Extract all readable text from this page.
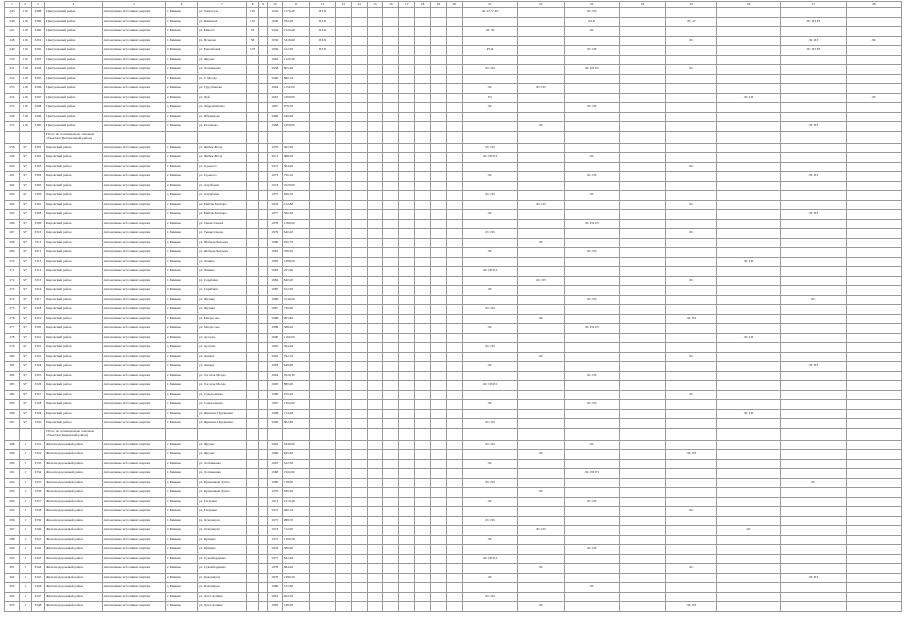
1	2	3	4	5	6	7	8	9	10	11	12	13	14	15	16	17	18	19	20	21	22	23	24	25	26	27	28
245	116	3288	Центральный район	Автономные источники энергии	г. Бишкек	ул. Токтогула	101		1945	1179,40	ПЗ-Б									ЛС 47,5; 4Л		ЛС ПЗ					
246	116	3289	Центральный район	Автономные источники энергии	г. Бишкек	ул. Киевская	155		1946	782,20	ПЗ-Б											РЗ-Б		ЛС 47		ЛС ПЗ РЗ	
247	116	3290	Центральный район	Автономные источники энергии	г. Бишкек	ул. Манаса	33		1944	2120,40	ПЗ-Б									ЛС 39		ЛС					
248	116	3291	Центральный район	Автономные источники энергии	г. Бишкек	ул. Исанова	58		1950	3418,60	ПЗ-Б													ЛС		ЛС ПЗ	ЛС
249	116	3292	Центральный район	Автономные источники энергии	г. Бишкек	ул. Боконбаева	103		1956	412,30	ПЗ-Б									РЗ-Б		ЛС ПЗ				ЛС ПЗ РЗ	
250	116	3293	Центральный район	Автономные источники энергии	г. Бишкек	ул. Фрунзе			1962	1120,40																	
251	116	3294	Центральный район	Автономные источники энергии	г. Бишкек	ул. Логвиненко			1958	605,40										ЛС ПЗ		ЛС ПЗ РЗ		ЛС			
252	116	3295	Центральный район	Автономные источники энергии	г. Бишкек	ул. Т. Молдо			1960	890,10																	
253	116	3296	Центральный район	Автономные источники энергии	г. Бишкек	ул. Турусбекова			1964	1152,00										ЛС	ЛС ПЗ						
254	116	3297	Центральный район	Автономные источники энергии	г. Бишкек	ул. Чуй			1961	1300,00										РЗ					ЛС ПЗ		ЛС
255	116	3298	Центральный район	Автономные источники энергии	г. Бишкек	ул. Абдрахманова			1967	978,30										ЛС		ЛС ПЗ					
256	116	3299	Центральный район	Автономные источники энергии	г. Бишкек	ул. Ибраимова			1966	440,60																	
257	116	3300	Центральный район	Автономные источники энергии	г. Бишкек	ул. Раззакова			1968	1200,00											ЛС					ЛС ПЗ	
			Итого по потенциально опасным объектам (Центральный район)																								
258	97	3301	Кировский район	Автономные источники энергии	г. Бишкек	ул. Жибек Жолу			1970	502,40										ЛС ПЗ							
259	97	3302	Кировский район	Автономные источники энергии	г. Бишкек	ул. Жибек Жолу			1971	688,20										ЛС ПЗ РЗ		ЛС					
260	97	3303	Кировский район	Автономные источники энергии	г. Бишкек	ул. Горького			1972	304,90														ЛС			
261	97	3304	Кировский район	Автономные источники энергии	г. Бишкек	ул. Горького			1973	750,10										ЛС		ЛС ПЗ				ЛС ПЗ	
262	97	3305	Кировский район	Автономные источники энергии	г. Бишкек	ул. Ахунбаева			1974	1020,00																	
263	97	3306	Кировский район	Автономные источники энергии	г. Бишкек	ул. Ахунбаева			1975	836,50										ЛС ПЗ		ЛС					
264	97	3307	Кировский район	Автономные источники энергии	г. Бишкек	ул. Байтик Баатыра			1976	412,80											ЛС ПЗ			ЛС			
265	97	3308	Кировский район	Автономные источники энергии	г. Бишкек	ул. Байтик Баатыра			1977	590,30										ЛС						ЛС ПЗ	
266	97	3309	Кировский район	Автономные источники энергии	г. Бишкек	ул. Тыныстанова			1978	1180,00												ЛС ПЗ РЗ					
267	97	3310	Кировский район	Автономные источники энергии	г. Бишкек	ул. Тыныстанова			1979	640,40										ЛС ПЗ				ЛС			
268	97	3311	Кировский район	Автономные источники энергии	г. Бишкек	ул. Шабдан Баатыра			1980	920,70											ЛС						
269	97	3312	Кировский район	Автономные источники энергии	г. Бишкек	ул. Шабдан Баатыра			1981	708,20										ЛС		ЛС ПЗ					
270	97	3313	Кировский район	Автономные источники энергии	г. Бишкек	ул. Ленина			1982	1380,00															ЛС ПЗ		
271	97	3314	Кировский район	Автономные источники энергии	г. Бишкек	ул. Ленина			1983	455,90										ЛС ПЗ РЗ							
272	97	3315	Кировский район	Автономные источники энергии	г. Бишкек	ул. Скрябина			1984	820,00											ЛС ПЗ			ЛС			
273	97	3316	Кировский район	Автономные источники энергии	г. Бишкек	ул. Скрябина			1985	612,30										ЛС							
274	97	3317	Кировский район	Автономные источники энергии	г. Бишкек	ул. Фучика			1986	1240,60												ЛС ПЗ				ЛС	
275	97	3318	Кировский район	Автономные источники энергии	г. Бишкек	ул. Фучика			1987	730,00										ЛС ПЗ							
276	97	3319	Кировский район	Автономные источники энергии	г. Бишкек	ул. Матросова			1988	905,80											ЛС			ЛС ПЗ			
277	97	3320	Кировский район	Автономные источники энергии	г. Бишкек	ул. Матросова			1989	388,20										ЛС		ЛС ПЗ РЗ					
278	97	3321	Кировский район	Автономные источники энергии	г. Бишкек	ул. Ауэзова			1990	1102,00															ЛС ПЗ		
279	97	3322	Кировский район	Автономные источники энергии	г. Бишкек	ул. Ауэзова			1991	564,40										ЛС ПЗ							
280	97	3323	Кировский район	Автономные источники энергии	г. Бишкек	ул. Анкара			1992	792,10											ЛС			ЛС			
281	97	3324	Кировский район	Автономные источники энергии	г. Бишкек	ул. Анкара			1993	648,60										ЛС						ЛС ПЗ	
282	97	3325	Кировский район	Автономные источники энергии	г. Бишкек	ул. Тоголок Молдо			1994	1020,30												ЛС ПЗ					
283	97	3326	Кировский район	Автономные источники энергии	г. Бишкек	ул. Тоголок Молдо			1995	880,00										ЛС ПЗ РЗ							
284	97	3327	Кировский район	Автономные источники энергии	г. Бишкек	ул. Садыгалиева			1996	470,20														ЛС			
285	97	3328	Кировский район	Автономные источники энергии	г. Бишкек	ул. Садыгалиева			1997	1302,00										ЛС		ЛС ПЗ					
286	97	3329	Кировский район	Автономные источники энергии	г. Бишкек	ул. Жукеева-Пудовкина			1998	714,40															ЛС ПЗ		
287	97	3330	Кировский район	Автономные источники энергии	г. Бишкек	ул. Жукеева-Пудовкина			1999	602,80										ЛС ПЗ							
			Итого по потенциально опасным объектам (Кировский район)																								
288	1	3331	Железнодорожный район	Автономные источники энергии	г. Бишкек	ул. Фрунзе			1965	1840,00										ЛС ПЗ		ЛС					
289	1	3332	Железнодорожный район	Автономные источники энергии	г. Бишкек	ул. Фрунзе			1966	920,40											ЛС			ЛС ПЗ			
290	1	3333	Железнодорожный район	Автономные источники энергии	г. Бишкек	ул. Логвиненко			1967	612,30										ЛС							
291	1	3334	Железнодорожный район	Автономные источники энергии	г. Бишкек	ул. Логвиненко			1968	1502,60												ЛС ПЗ РЗ					
292	1	3335	Железнодорожный район	Автономные источники энергии	г. Бишкек	ул. Курманжан Датка			1969	718,00										ЛС ПЗ						ЛС	
293	1	3336	Железнодорожный район	Автономные источники энергии	г. Бишкек	ул. Курманжан Датка			1970	830,20											ЛС						
294	1	3337	Железнодорожный район	Автономные источники энергии	г. Бишкек	ул. Гагарина			1971	1210,40										ЛС		ЛС ПЗ					
295	1	3338	Железнодорожный район	Автономные источники энергии	г. Бишкек	ул. Гагарина			1972	460,10														ЛС			
296	1	3339	Железнодорожный район	Автономные источники энергии	г. Бишкек	ул. Осмонкула			1973	988,70										ЛС ПЗ							
297	1	3340	Железнодорожный район	Автономные источники энергии	г. Бишкек	ул. Осмонкула			1974	712,00											ЛС ПЗ				ЛС		
298	1	3341	Железнодорожный район	Автономные источники энергии	г. Бишкек	ул. Кулиева			1975	1106,30										ЛС							
299	1	3342	Железнодорожный район	Автономные источники энергии	г. Бишкек	ул. Кулиева			1976	580,90												ЛС ПЗ					
300	1	3343	Железнодорожный район	Автономные источники энергии	г. Бишкек	ул. Суванбердиева			1977	842,40										ЛС ПЗ РЗ							
301	1	3344	Железнодорожный район	Автономные источники энергии	г. Бишкек	ул. Суванбердиева			1978	664,00											ЛС			ЛС			
302	1	3345	Железнодорожный район	Автономные источники энергии	г. Бишкек	ул. Кожомкула			1979	1380,20										ЛС						ЛС ПЗ	
303	1	3346	Железнодорожный район	Автономные источники энергии	г. Бишкек	ул. Кожомкула			1980	512,60												ЛС					
304	1	3347	Железнодорожный район	Автономные источники энергии	г. Бишкек	ул. Дэн Сяопина			1981	902,20										ЛС ПЗ							
305	1	3348	Железнодорожный район	Автономные источники энергии	г. Бишкек	ул. Дэн Сяопина			1982	748,50											ЛС			ЛС ПЗ			
